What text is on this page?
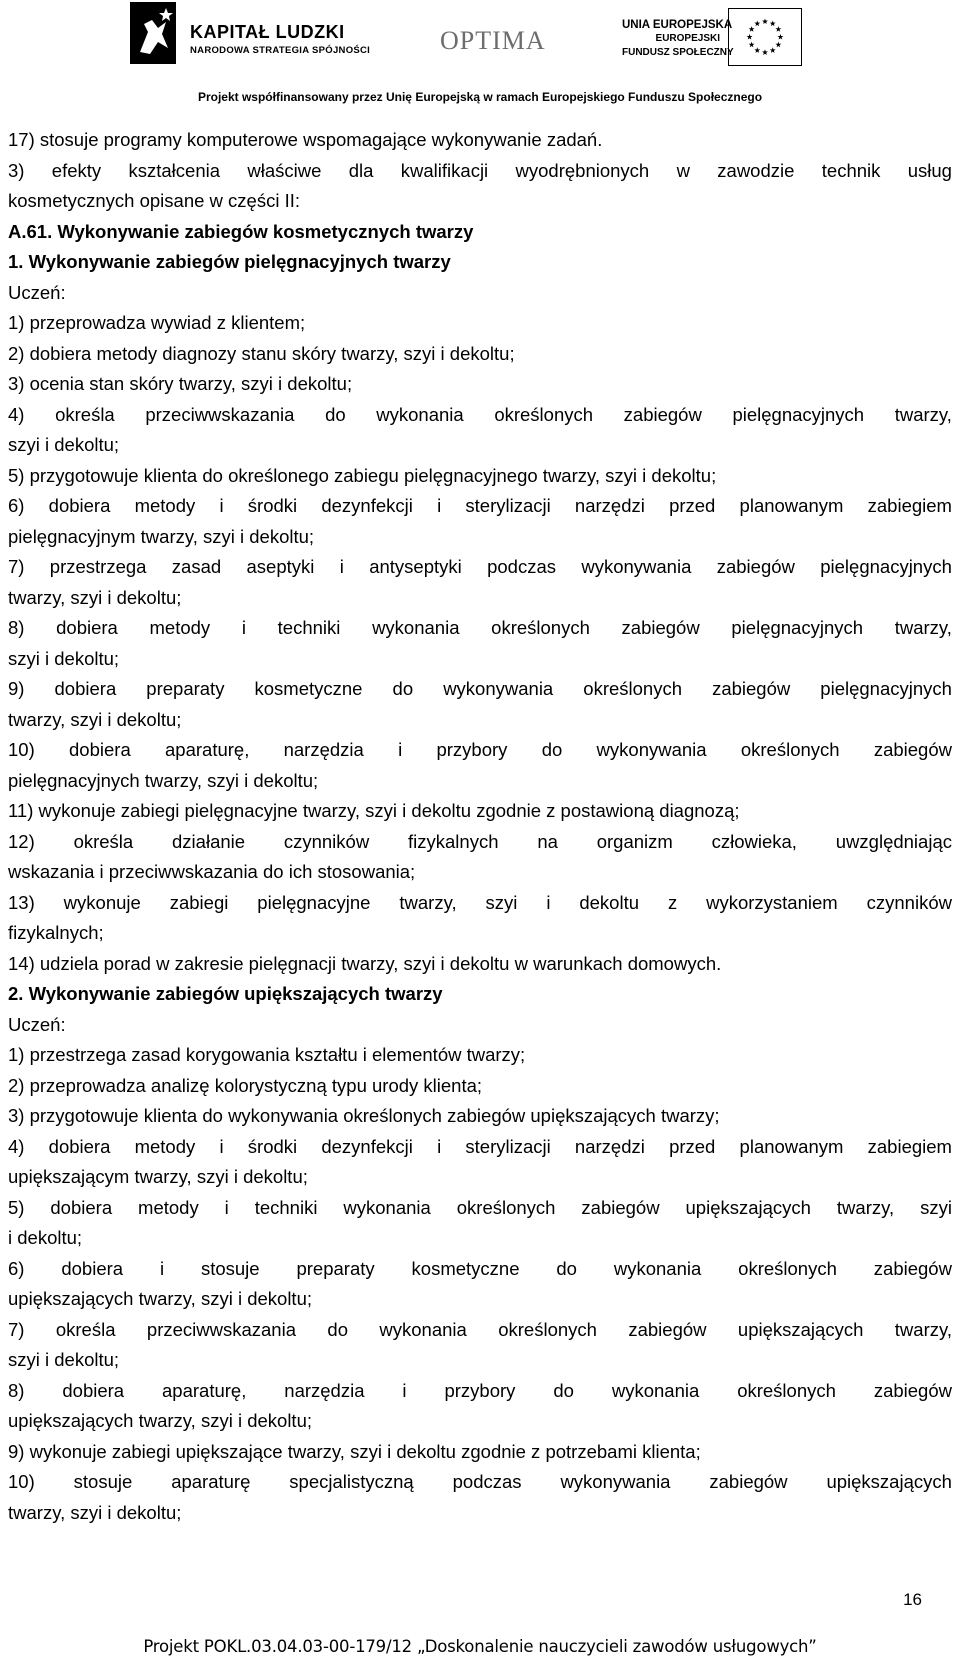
KAPITAŁ LUDZKI
NARODOWA STRATEGIA SPÓJNOŚCI	OPTIMA
UNIA EUROPEJSKA
EUROPEJSKI
FUNDUSZ SPOŁECZNY
Projekt współfinansowany przez Unię Europejską w ramach Europejskiego Funduszu Społecznego
17) stosuje programy komputerowe wspomagające wykonywanie zadań.
3) efekty kształcenia właściwe dla kwalifikacji wyodrębnionych w zawodzie technik usług
kosmetycznych opisane w części II:
A.61. Wykonywanie zabiegów kosmetycznych twarzy
1. Wykonywanie zabiegów pielęgnacyjnych twarzy
Uczeń:
1) przeprowadza wywiad z klientem;
2) dobiera metody diagnozy stanu skóry twarzy, szyi i dekoltu;
3) ocenia stan skóry twarzy, szyi i dekoltu;
4) określa przeciwwskazania do wykonania określonych zabiegów pielęgnacyjnych twarzy,
szyi i dekoltu;
5) przygotowuje klienta do określonego zabiegu pielęgnacyjnego twarzy, szyi i dekoltu;
6) dobiera metody i środki dezynfekcji i sterylizacji narzędzi przed planowanym zabiegiem
pielęgnacyjnym twarzy, szyi i dekoltu;
7) przestrzega zasad aseptyki i antyseptyki podczas wykonywania zabiegów pielęgnacyjnych
twarzy, szyi i dekoltu;
8) dobiera metody i techniki wykonania określonych zabiegów pielęgnacyjnych twarzy,
szyi i dekoltu;
9) dobiera preparaty kosmetyczne do wykonywania określonych zabiegów pielęgnacyjnych
twarzy, szyi i dekoltu;
10) dobiera aparaturę, narzędzia i przybory do wykonywania określonych zabiegów
pielęgnacyjnych twarzy, szyi i dekoltu;
11) wykonuje zabiegi pielęgnacyjne twarzy, szyi i dekoltu zgodnie z postawioną diagnozą;
12) określa działanie czynników fizykalnych na organizm człowieka, uwzględniając
wskazania i przeciwwskazania do ich stosowania;
13) wykonuje zabiegi pielęgnacyjne twarzy, szyi i dekoltu z wykorzystaniem czynników
fizykalnych;
14) udziela porad w zakresie pielęgnacji twarzy, szyi i dekoltu w warunkach domowych.
2. Wykonywanie zabiegów upiększających twarzy
Uczeń:
1) przestrzega zasad korygowania kształtu i elementów twarzy;
2) przeprowadza analizę kolorystyczną typu urody klienta;
3) przygotowuje klienta do wykonywania określonych zabiegów upiększających twarzy;
4) dobiera metody i środki dezynfekcji i sterylizacji narzędzi przed planowanym zabiegiem
upiększającym twarzy, szyi i dekoltu;
5) dobiera metody i techniki wykonania określonych zabiegów upiększających twarzy, szyi
i dekoltu;
6) dobiera i stosuje preparaty kosmetyczne do wykonania określonych zabiegów
upiększających twarzy, szyi i dekoltu;
7) określa przeciwwskazania do wykonania określonych zabiegów upiększających twarzy,
szyi i dekoltu;
8) dobiera aparaturę, narzędzia i przybory do wykonania określonych zabiegów
upiększających twarzy, szyi i dekoltu;
9) wykonuje zabiegi upiększające twarzy, szyi i dekoltu zgodnie z potrzebami klienta;
10) stosuje aparaturę specjalistyczną podczas wykonywania zabiegów upiększających
twarzy, szyi i dekoltu;
16
Projekt POKL.03.04.03-00-179/12 „Doskonalenie nauczycieli zawodów usługowych”
